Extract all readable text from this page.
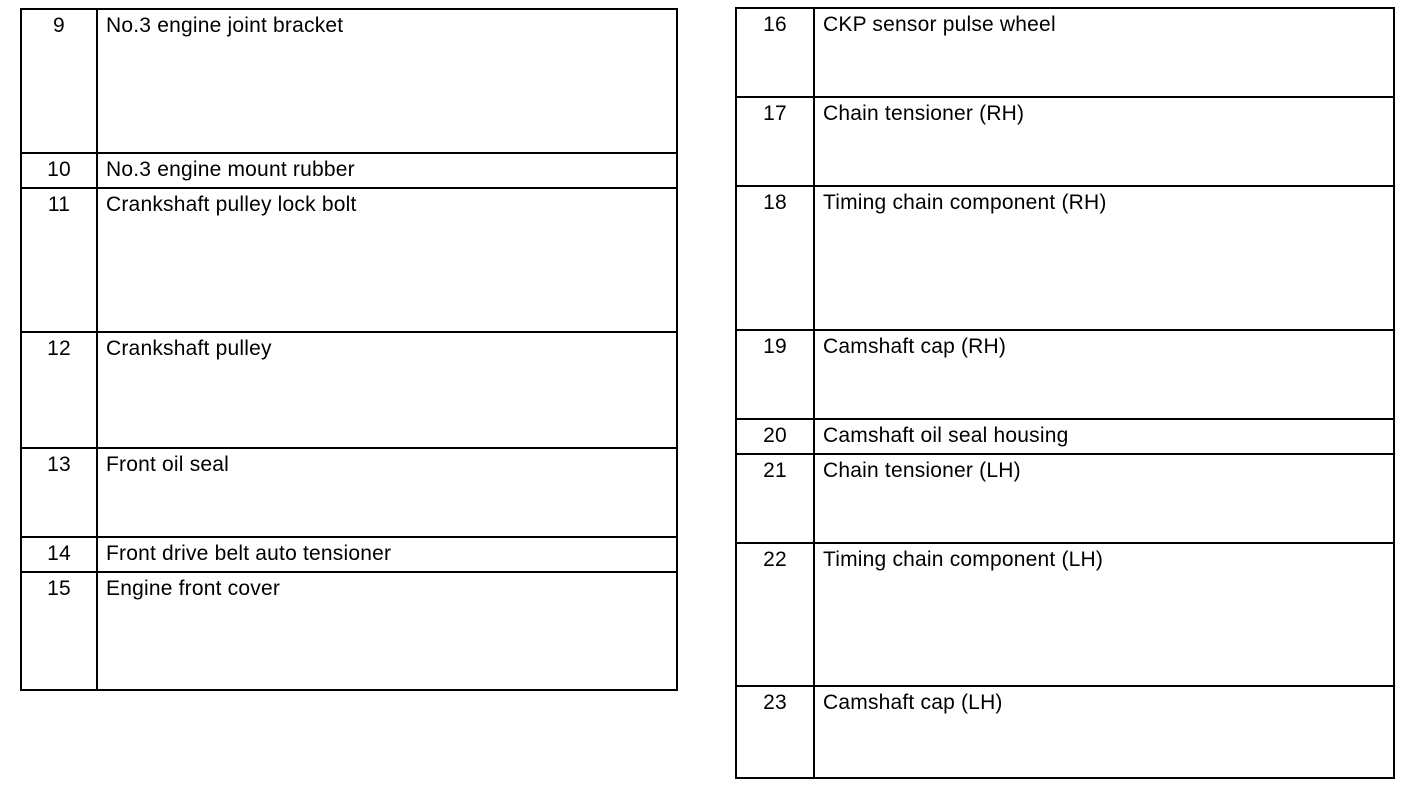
9	No.3 engine joint bracket
10	No.3 engine mount rubber
11	Crankshaft pulley lock bolt
12	Crankshaft pulley
13	Front oil seal
14	Front drive belt auto tensioner
15	Engine front cover
16	CKP sensor pulse wheel
17	Chain tensioner (RH)
18	Timing chain component (RH)
19	Camshaft cap (RH)
20	Camshaft oil seal housing
21	Chain tensioner (LH)
22	Timing chain component (LH)
23	Camshaft cap (LH)
